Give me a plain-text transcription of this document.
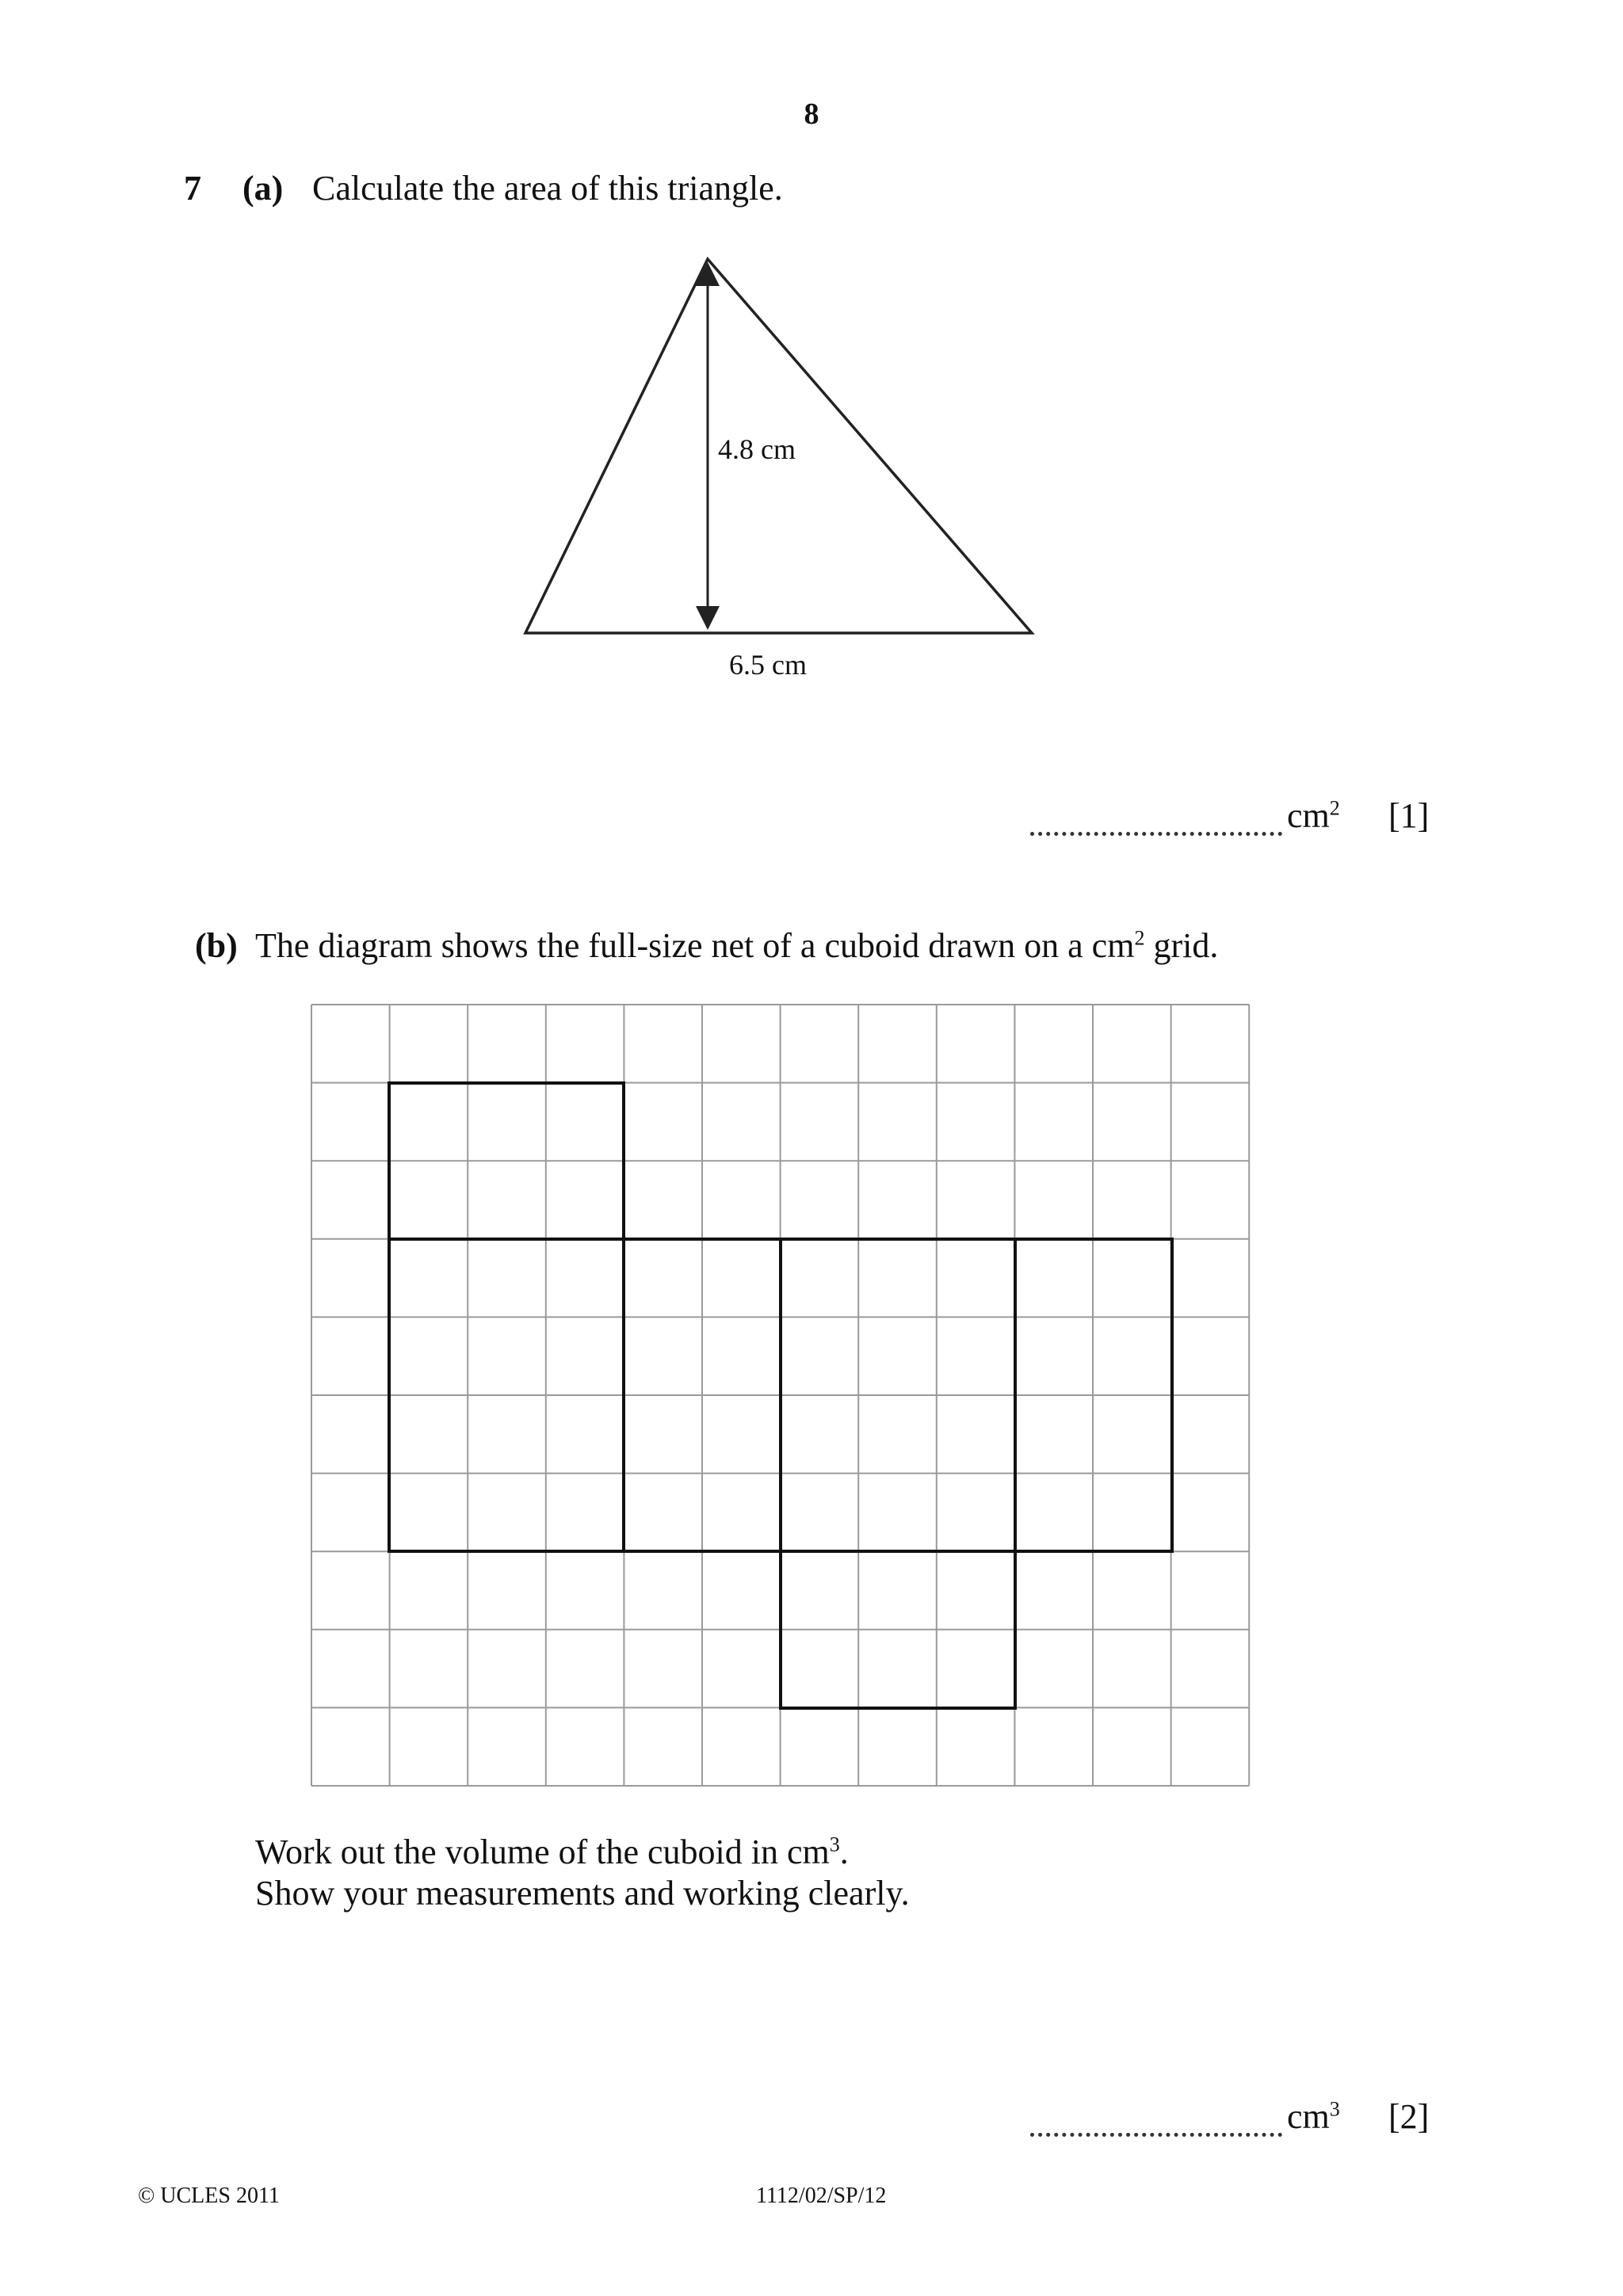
8
7 (a) Calculate the area of this triangle.
4.8 cm
6.5 cm
$cm^2$ [1]
(b) The diagram shows the full-size net of a cuboid drawn on a $cm^2$ grid.
Work out the volume of the cuboid in $cm^3$.
Show your measurements and working clearly.
$cm^3$ [2]
© UCLES 2011	1112/02/SP/12
